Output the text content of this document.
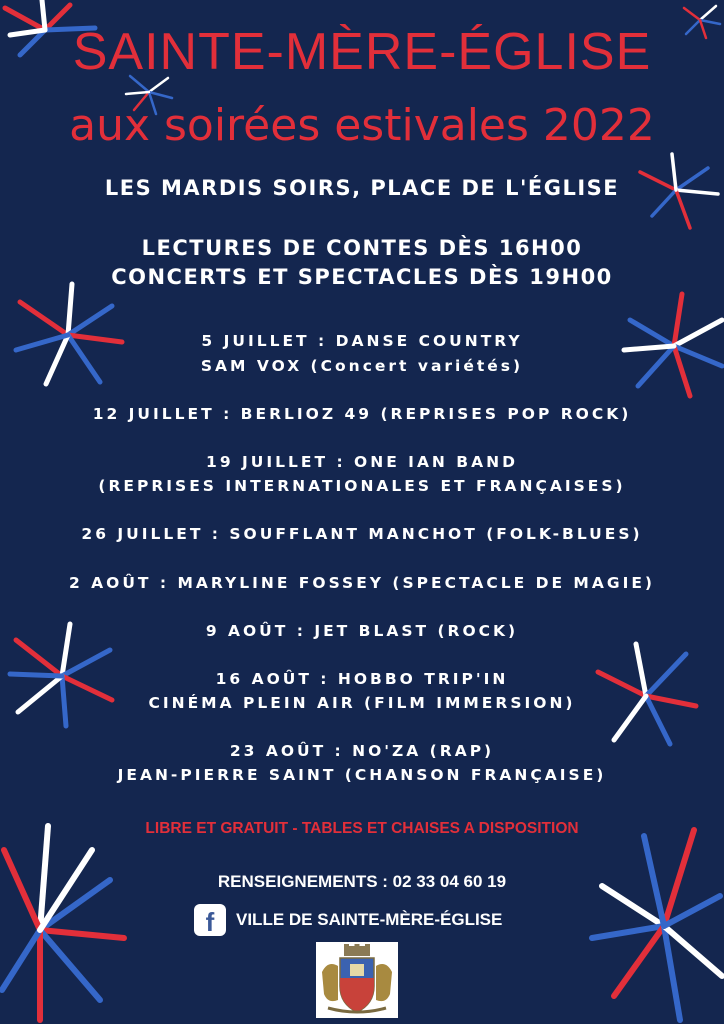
SAINTE-MÈRE-ÉGLISE
aux soirées estivales 2022
LES MARDIS SOIRS, PLACE DE L'ÉGLISE
LECTURES DE CONTES DÈS 16H00
CONCERTS ET SPECTACLES DÈS 19H00
5 JUILLET : DANSE COUNTRY
SAM VOX (Concert variétés)
12 JUILLET : BERLIOZ 49 (REPRISES POP ROCK)
19 JUILLET : ONE IAN BAND
(REPRISES INTERNATIONALES ET FRANÇAISES)
26 JUILLET : SOUFFLANT MANCHOT (FOLK-BLUES)
2 AOÛT : MARYLINE FOSSEY (SPECTACLE DE MAGIE)
9 AOÛT : JET BLAST (ROCK)
16 AOÛT : HOBBO TRIP'IN
CINÉMA PLEIN AIR (FILM IMMERSION)
23 AOÛT : NO'ZA (RAP)
JEAN-PIERRE SAINT (CHANSON FRANÇAISE)
LIBRE ET GRATUIT - TABLES ET CHAISES A DISPOSITION
RENSEIGNEMENTS : 02 33 04 60 19
f	VILLE DE SAINTE-MÈRE-ÉGLISE
